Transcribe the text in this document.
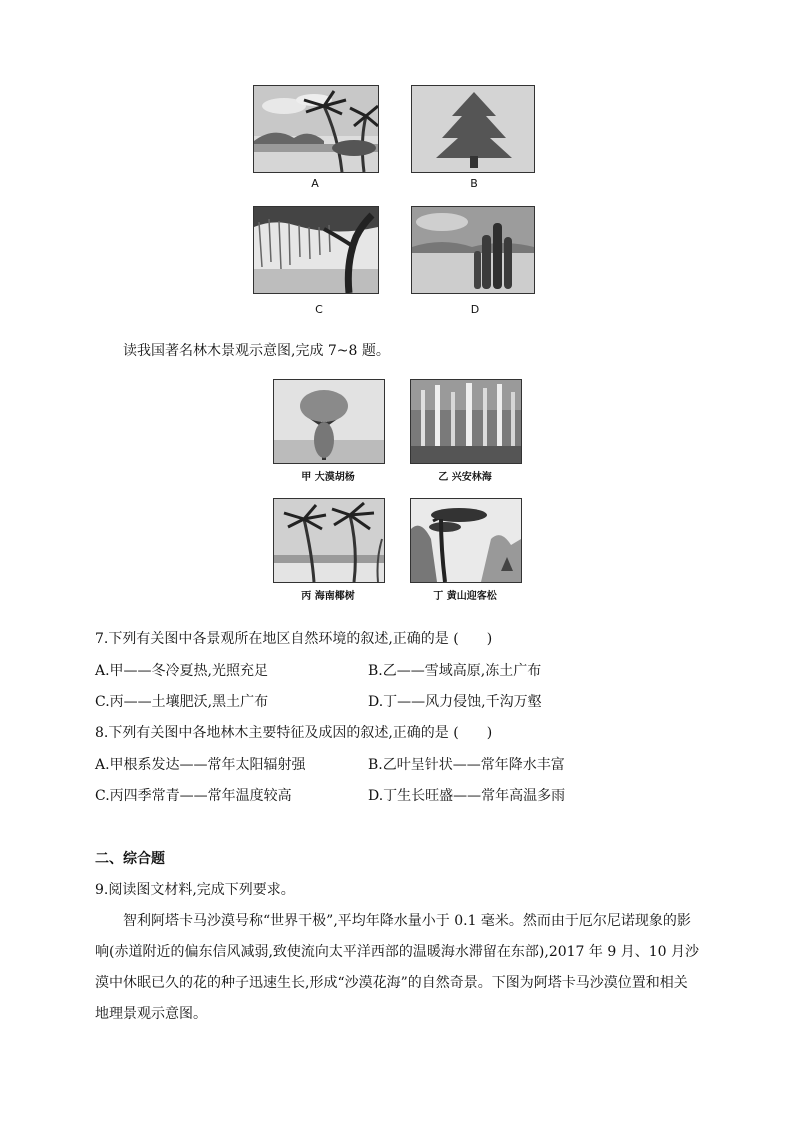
A	B
C	D
读我国著名林木景观示意图,完成 7~8 题。
甲 大漠胡杨	乙 兴安林海
丙 海南椰树	丁 黄山迎客松
7.下列有关图中各景观所在地区自然环境的叙述,正确的是 (　　)
A.甲——冬冷夏热,光照充足	B.乙——雪域高原,冻土广布
C.丙——土壤肥沃,黑土广布	D.丁——风力侵蚀,千沟万壑
8.下列有关图中各地林木主要特征及成因的叙述,正确的是 (　　)
A.甲根系发达——常年太阳辐射强	B.乙叶呈针状——常年降水丰富
C.丙四季常青——常年温度较高	D.丁生长旺盛——常年高温多雨
二、综合题
9.阅读图文材料,完成下列要求。
智利阿塔卡马沙漠号称“世界干极”,平均年降水量小于 0.1 毫米。然而由于厄尔尼诺现象的影响(赤道附近的偏东信风减弱,致使流向太平洋西部的温暖海水滞留在东部),2017 年 9 月、10 月沙漠中休眠已久的花的种子迅速生长,形成“沙漠花海”的自然奇景。下图为阿塔卡马沙漠位置和相关地理景观示意图。
